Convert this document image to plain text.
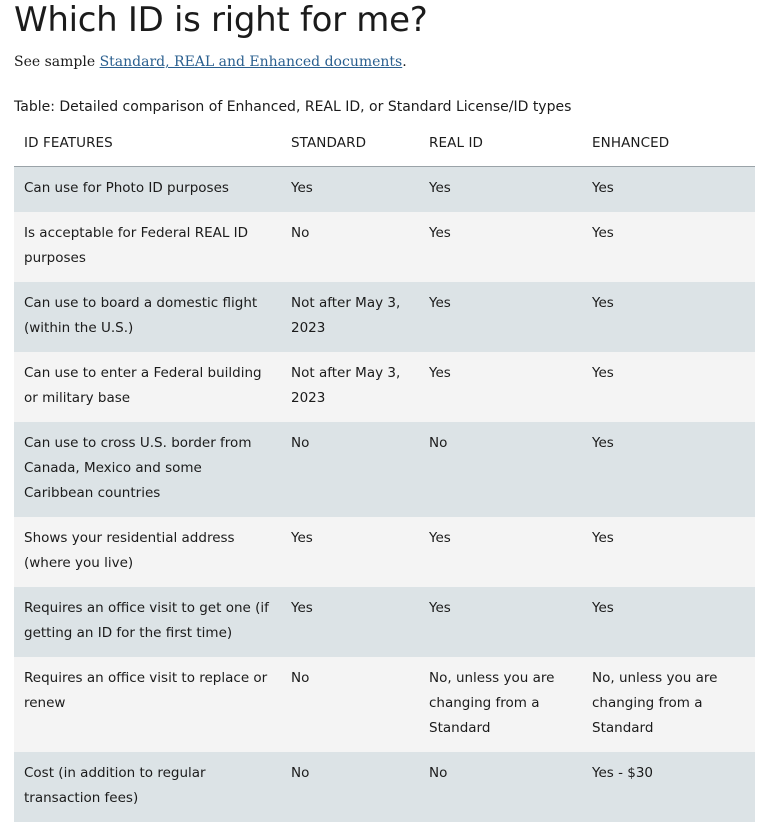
Which ID is right for me?
See sample Standard, REAL and Enhanced documents.
Table: Detailed comparison of Enhanced, REAL ID, or Standard License/ID types
ID FEATURES	STANDARD	REAL ID	ENHANCED
Can use for Photo ID purposes	Yes	Yes	Yes
Is acceptable for Federal REAL ID purposes	No	Yes	Yes
Can use to board a domestic flight (within the U.S.)	Not after May 3, 2023	Yes	Yes
Can use to enter a Federal building or military base	Not after May 3, 2023	Yes	Yes
Can use to cross U.S. border from Canada, Mexico and some Caribbean countries	No	No	Yes
Shows your residential address (where you live)	Yes	Yes	Yes
Requires an office visit to get one (if getting an ID for the first time)	Yes	Yes	Yes
Requires an office visit to replace or renew	No	No, unless you are changing from a Standard	No, unless you are changing from a Standard
Cost (in addition to regular transaction fees)	No	No	Yes - $30
